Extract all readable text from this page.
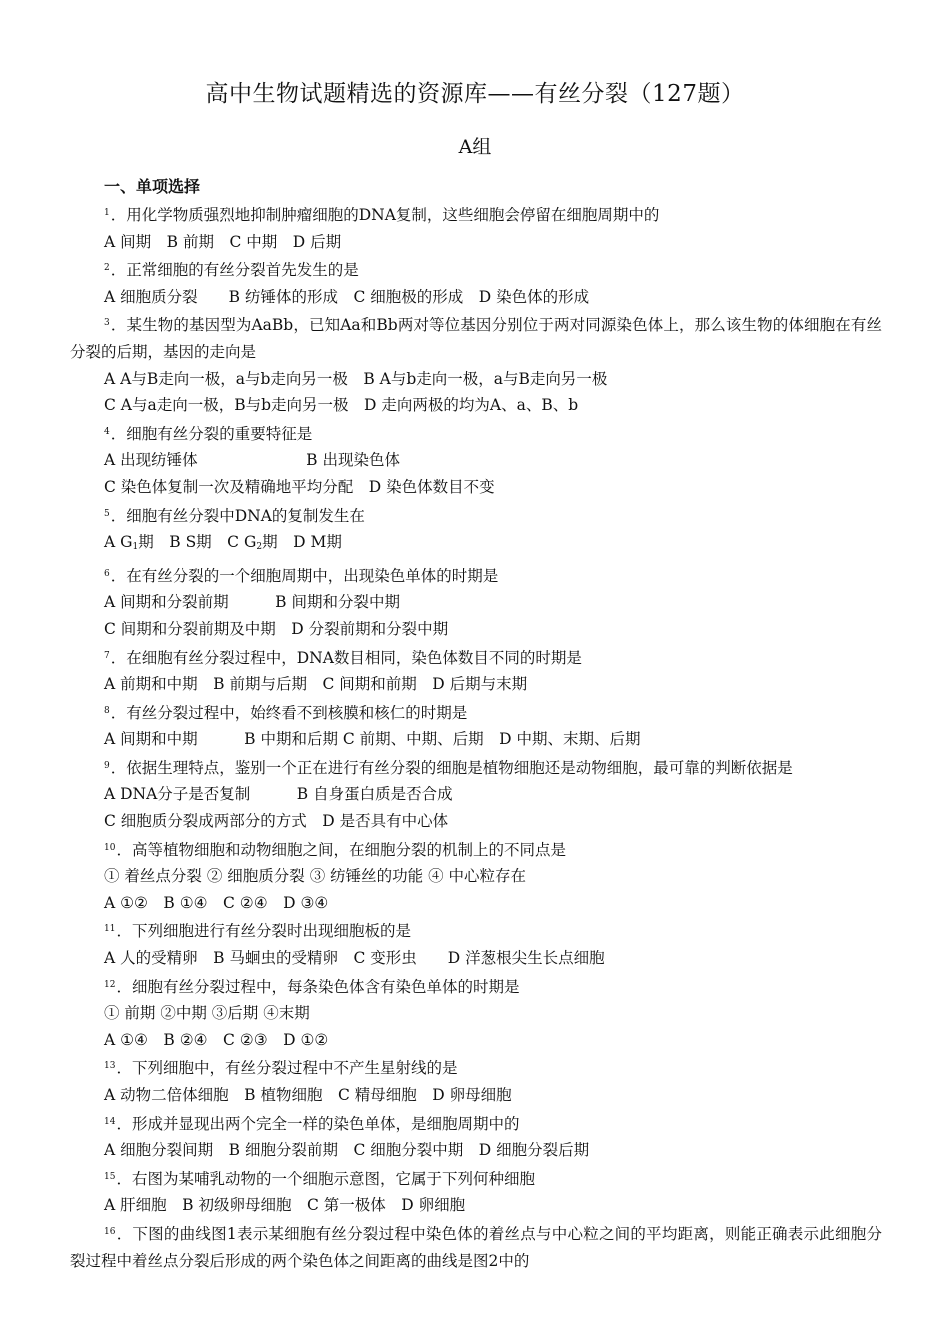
高中生物试题精选的资源库——有丝分裂（127题）
A组
一、单项选择
$^1$．用化学物质强烈地抑制肿瘤细胞的DNA复制，这些细胞会停留在细胞周期中的
A 间期　B 前期　C 中期　D 后期
$^2$．正常细胞的有丝分裂首先发生的是
A 细胞质分裂　　B 纺锤体的形成　C 细胞极的形成　D 染色体的形成
$^3$．某生物的基因型为AaBb，已知Aa和Bb两对等位基因分别位于两对同源染色体上，那么该生物的体细胞在有丝分裂的后期，基因的走向是
A A与B走向一极，a与b走向另一极　B A与b走向一极，a与B走向另一极
C A与a走向一极，B与b走向另一极　D 走向两极的均为A、a、B、b
$^4$．细胞有丝分裂的重要特征是
A 出现纺锤体　　　　　　　B 出现染色体
C 染色体复制一次及精确地平均分配　D 染色体数目不变
$^5$．细胞有丝分裂中DNA的复制发生在
A $G_1$期　B S期　C $G_2$期　D M期
$^6$．在有丝分裂的一个细胞周期中，出现染色单体的时期是
A 间期和分裂前期　　　B 间期和分裂中期
C 间期和分裂前期及中期　D 分裂前期和分裂中期
$^7$．在细胞有丝分裂过程中，DNA数目相同，染色体数目不同的时期是
A 前期和中期　B 前期与后期　C 间期和前期　D 后期与末期
$^8$．有丝分裂过程中，始终看不到核膜和核仁的时期是
A 间期和中期　　　B 中期和后期 C 前期、中期、后期　D 中期、末期、后期
$^9$．依据生理特点，鉴别一个正在进行有丝分裂的细胞是植物细胞还是动物细胞，最可靠的判断依据是
A DNA分子是否复制　　　B 自身蛋白质是否合成
C 细胞质分裂成两部分的方式　D 是否具有中心体
$^{10}$．高等植物细胞和动物细胞之间，在细胞分裂的机制上的不同点是
① 着丝点分裂 ② 细胞质分裂 ③ 纺锤丝的功能 ④ 中心粒存在
A ①②　B ①④　C ②④　D ③④
$^{11}$．下列细胞进行有丝分裂时出现细胞板的是
A 人的受精卵　B 马蛔虫的受精卵　C 变形虫　　D 洋葱根尖生长点细胞
$^{12}$．细胞有丝分裂过程中，每条染色体含有染色单体的时期是
① 前期 ②中期 ③后期 ④末期
A ①④　B ②④　C ②③　D ①②
$^{13}$．下列细胞中，有丝分裂过程中不产生星射线的是
A 动物二倍体细胞　B 植物细胞　C 精母细胞　D 卵母细胞
$^{14}$．形成并显现出两个完全一样的染色单体，是细胞周期中的
A 细胞分裂间期　B 细胞分裂前期　C 细胞分裂中期　D 细胞分裂后期
$^{15}$．右图为某哺乳动物的一个细胞示意图，它属于下列何种细胞
A 肝细胞　B 初级卵母细胞　C 第一极体　D 卵细胞
$^{16}$．下图的曲线图1表示某细胞有丝分裂过程中染色体的着丝点与中心粒之间的平均距离，则能正确表示此细胞分裂过程中着丝点分裂后形成的两个染色体之间距离的曲线是图2中的
